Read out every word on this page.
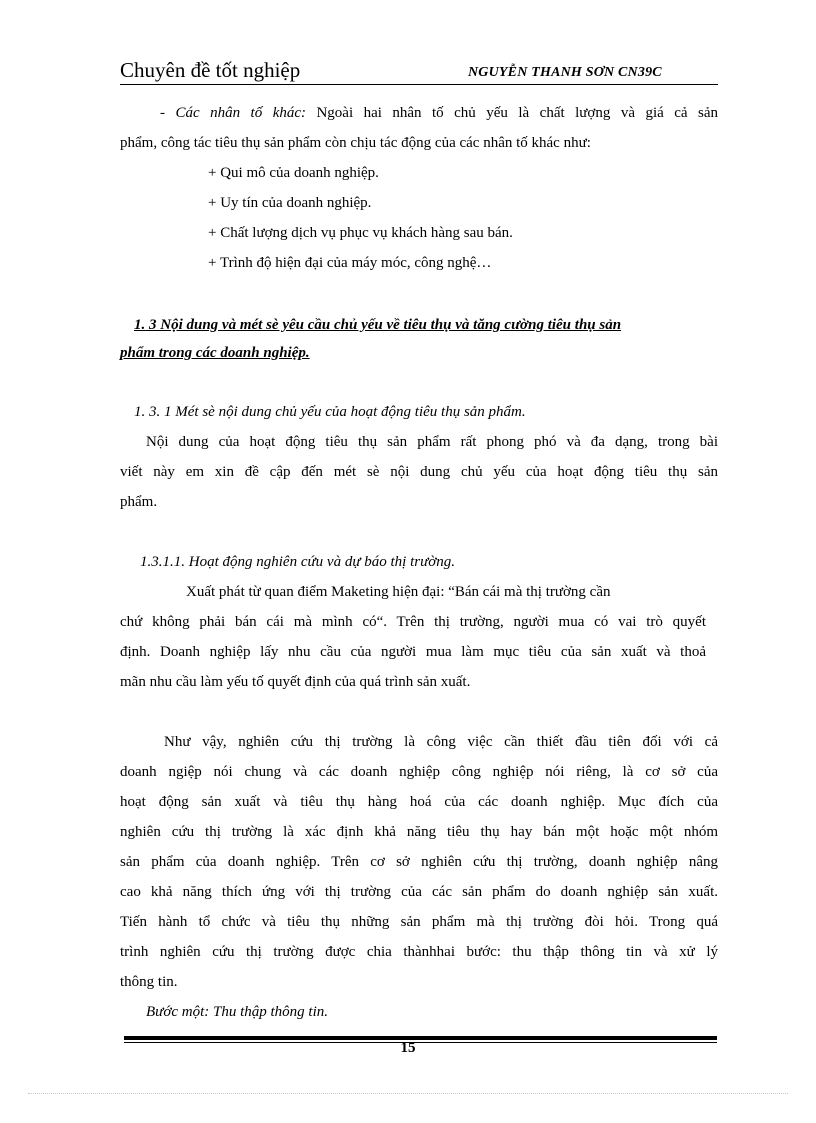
Chuyên đề tốt nghiệp	NGUYỄN THANH SƠN CN39C

- Các nhân tố khác: Ngoài hai nhân tố chủ yếu là chất lượng và giá cả sản

phẩm, công tác tiêu thụ sản phẩm còn chịu tác động của các nhân tố khác như:

+ Qui mô của doanh nghiệp.

+ Uy tín của doanh nghiệp.

+ Chất lượng dịch vụ phục vụ khách hàng sau bán.

+ Trình độ hiện đại của máy móc, công nghệ…

1. 3 Nội dung và mét sè yêu cầu chủ yếu về tiêu thụ và tăng cường tiêu thụ sản

phẩm trong các doanh nghiệp.

1. 3. 1 Mét sè nội dung chủ yếu của hoạt động tiêu thụ sản phẩm.

Nội dung của hoạt động tiêu thụ sản phẩm rất phong phó và đa dạng, trong bài

viết này em xin đề cập đến mét sè nội dung chủ yếu của hoạt động tiêu thụ sản

phẩm.

1.3.1.1. Hoạt động nghiên cứu và dự báo thị trường.

Xuất phát từ quan điểm Maketing hiện đại: “Bán cái mà thị trường cần

chứ không phải bán cái mà mình có“. Trên thị trường, người mua có vai trò quyết

định. Doanh nghiệp lấy nhu cầu của người mua làm mục tiêu của sản xuất và thoả

mãn nhu cầu làm yếu tố quyết định của quá trình sản xuất.

Như vậy, nghiên cứu thị trường là công việc cần thiết đầu tiên đối với cả

doanh ngiệp nói chung và các doanh nghiệp công nghiệp nói riêng, là cơ sở của

hoạt động sản xuất và tiêu thụ hàng hoá của các doanh nghiệp. Mục đích của

nghiên cứu thị trường là xác định khả năng tiêu thụ hay bán một hoặc một nhóm

sản phẩm của doanh nghiệp. Trên cơ sở nghiên cứu thị trường, doanh nghiệp nâng

cao khả năng thích ứng với thị trường của các sản phẩm do doanh nghiệp sản xuất.

Tiến hành tổ chức và tiêu thụ những sản phẩm mà thị trường đòi hỏi. Trong quá

trình nghiên cứu thị trường được chia thànhhai bước: thu thập thông tin và xử lý

thông tin.

Bước một: Thu thập thông tin.

15
